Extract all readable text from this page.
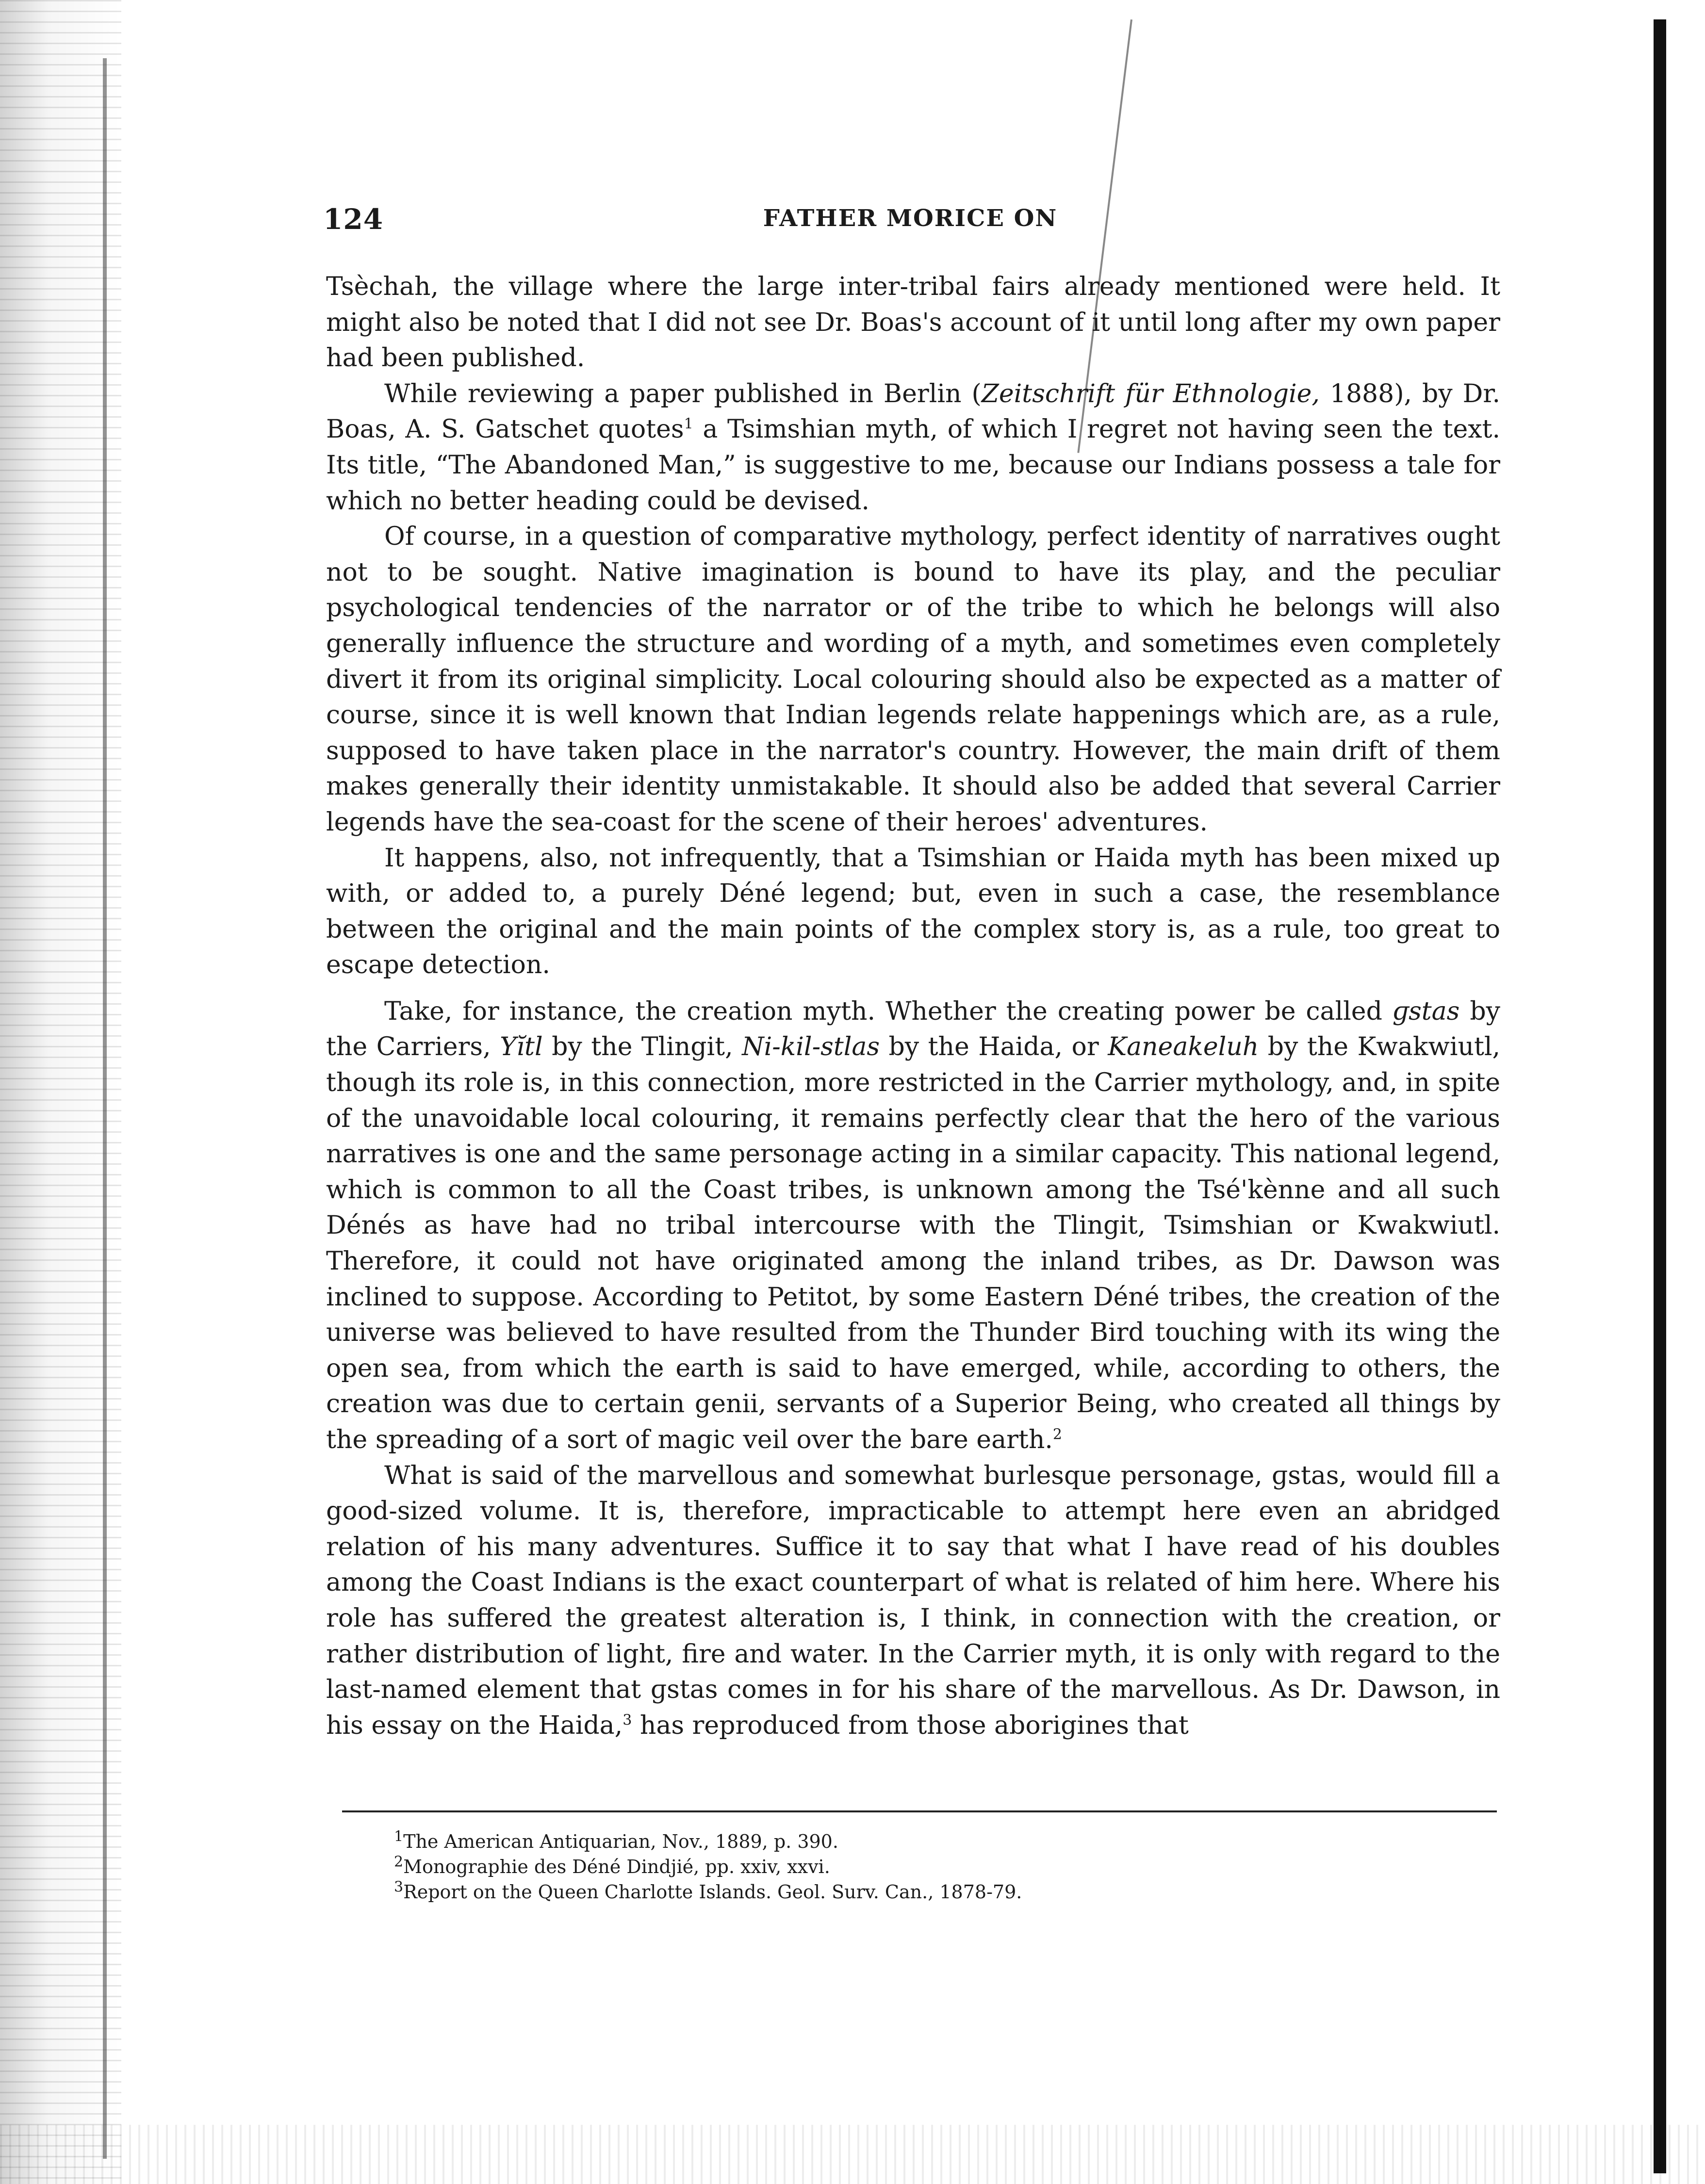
124	FATHER MORICE ON

Tsèchah, the village where the large inter-tribal fairs already mentioned were held. It might also be noted that I did not see Dr. Boas's account of it until long after my own paper had been published.

While reviewing a paper published in Berlin (Zeitschrift für Ethnologie, 1888), by Dr. Boas, A. S. Gatschet quotes$^1$ a Tsimshian myth, of which I regret not having seen the text. Its title, “The Abandoned Man,” is suggestive to me, because our Indians possess a tale for which no better heading could be devised.

Of course, in a question of comparative mythology, perfect identity of narratives ought not to be sought. Native imagination is bound to have its play, and the peculiar psychological tendencies of the narrator or of the tribe to which he belongs will also generally influence the structure and wording of a myth, and sometimes even completely divert it from its original simplicity. Local colouring should also be expected as a matter of course, since it is well known that Indian legends relate happenings which are, as a rule, supposed to have taken place in the narrator's country. However, the main drift of them makes generally their identity unmistakable. It should also be added that several Carrier legends have the sea-coast for the scene of their heroes' adventures.

It happens, also, not infrequently, that a Tsimshian or Haida myth has been mixed up with, or added to, a purely Déné legend; but, even in such a case, the resemblance between the original and the main points of the complex story is, as a rule, too great to escape detection.

Take, for instance, the creation myth. Whether the creating power be called ɡstas by the Carriers, Yĭtl by the Tlingit, Ni-kil-stlas by the Haida, or Kaneakeluh by the Kwakwiutl, though its role is, in this connection, more restricted in the Carrier mythology, and, in spite of the unavoidable local colouring, it remains perfectly clear that the hero of the various narratives is one and the same personage acting in a similar capacity. This national legend, which is common to all the Coast tribes, is unknown among the Tsé'kènne and all such Dénés as have had no tribal intercourse with the Tlingit, Tsimshian or Kwakwiutl. Therefore, it could not have originated among the inland tribes, as Dr. Dawson was inclined to suppose. According to Petitot, by some Eastern Déné tribes, the creation of the universe was believed to have resulted from the Thunder Bird touching with its wing the open sea, from which the earth is said to have emerged, while, according to others, the creation was due to certain genii, servants of a Superior Being, who created all things by the spreading of a sort of magic veil over the bare earth.$^2$

What is said of the marvellous and somewhat burlesque personage, ɡstas, would fill a good-sized volume. It is, therefore, impracticable to attempt here even an abridged relation of his many adventures. Suffice it to say that what I have read of his doubles among the Coast Indians is the exact counterpart of what is related of him here. Where his role has suffered the greatest alteration is, I think, in connection with the creation, or rather distribution of light, fire and water. In the Carrier myth, it is only with regard to the last-named element that ɡstas comes in for his share of the marvellous. As Dr. Dawson, in his essay on the Haida,$^3$ has reproduced from those aborigines that

$^1$The American Antiquarian, Nov., 1889, p. 390.
$^2$Monographie des Déné Dindjié, pp. xxiv, xxvi.
$^3$Report on the Queen Charlotte Islands. Geol. Surv. Can., 1878-79.
